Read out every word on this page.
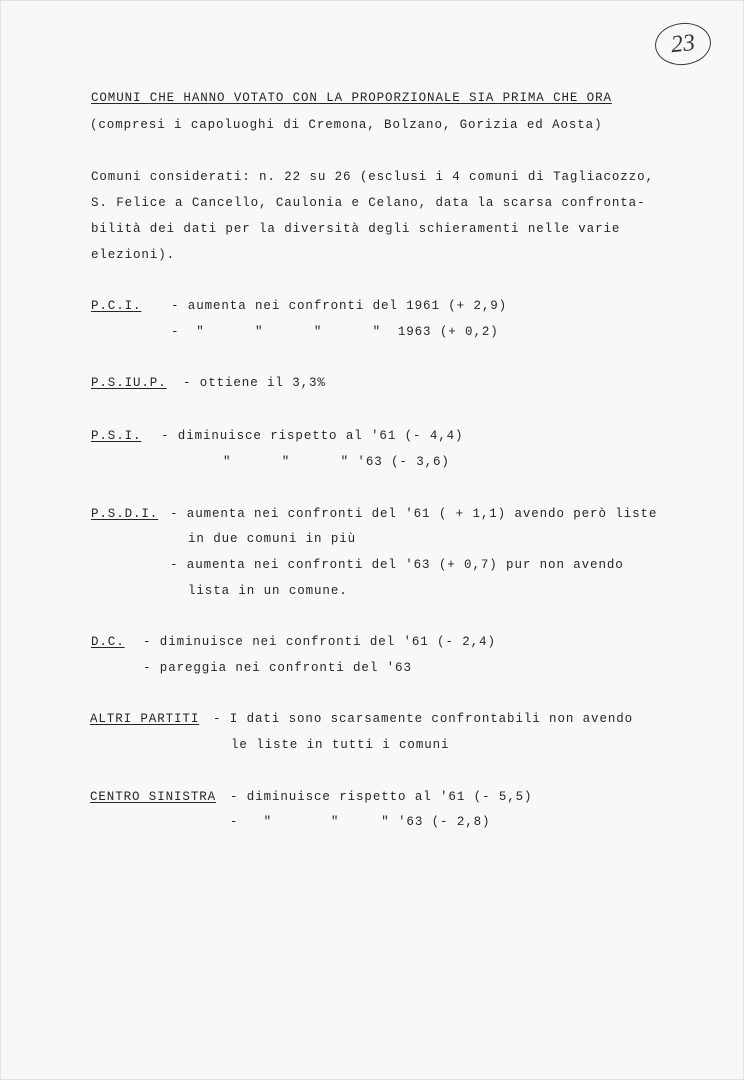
23
COMUNI CHE HANNO VOTATO CON LA PROPORZIONALE SIA PRIMA CHE ORA
(compresi i capoluoghi di Cremona, Bolzano, Gorizia ed Aosta)
Comuni considerati: n. 22 su 26 (esclusi i 4 comuni di Tagliacozzo,
S. Felice a Cancello, Caulonia e Celano, data la scarsa confronta-
bilità dei dati per la diversità degli schieramenti nelle varie
elezioni).
P.C.I. - aumenta nei confronti del 1961 (+ 2,9)
-  "      "      "      "  1963 (+ 0,2)
P.S.IU.P. - ottiene il 3,3%
P.S.I. - diminuisce rispetto al '61 (- 4,4)
"      "      " '63 (- 3,6)
P.S.D.I. - aumenta nei confronti del '61 ( + 1,1) avendo però liste
in due comuni in più
- aumenta nei confronti del '63 (+ 0,7) pur non avendo
lista in un comune.
D.C. - diminuisce nei confronti del '61 (- 2,4)
- pareggia nei confronti del '63
ALTRI PARTITI - I dati sono scarsamente confrontabili non avendo
le liste in tutti i comuni
CENTRO SINISTRA - diminuisce rispetto al '61 (- 5,5)
-   "       "     " '63 (- 2,8)
